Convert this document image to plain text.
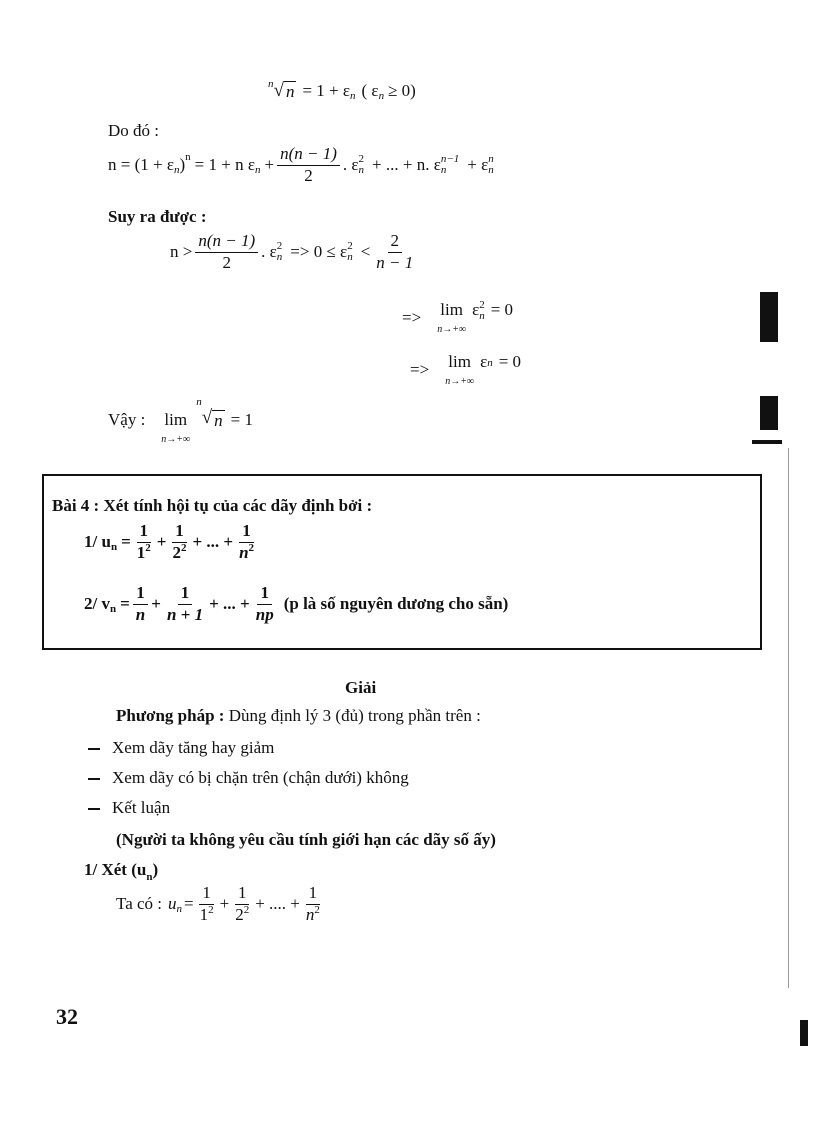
n √ n = 1 + ε n ( ε n ≥ 0)
Do đó :
n = (1 + ε n ) n = 1 + n ε $n + \frac{n(n - 1)}{2}$ . ε 2
n + ... + n. ε n−1
n	+ ε n
n
Suy ra được :
$n > \frac{n(n - 1)}{2}$ . ε 2
n => 0 ≤ ε 2
$n < \frac{2}{n - 1}$
=> lim
n→+∞
ε 2
n = 0
=> lim
n→+∞
ε n = 0
Vậy : lim
n→+∞
n
√ n = 1
Bài 4 : Xét tính hội tụ của các dãy định bởi :
1/ u $n = \frac{1}{1^2} + \frac{1}{2^2}$ + ... + $\frac{1}{n^2}$
2/ v $n = \frac{1}{n} + \frac{1}{n + 1}$ + ... + $\frac{1}{np} (p$ là số nguyên dương cho sẵn)
Giải
Phương pháp : Dùng định lý 3 (đủ) trong phần trên :
Xem dãy tăng hay giảm
Xem dãy có bị chặn trên (chận dưới) không
Kết luận
(Người ta không yêu cầu tính giới hạn các dãy số ấy)
1/ Xét $(u_n)$
Ta có : u $n = \frac{1}{1^2} + \frac{1}{2^2}$ + .... + $\frac{1}{n^2}$
32
